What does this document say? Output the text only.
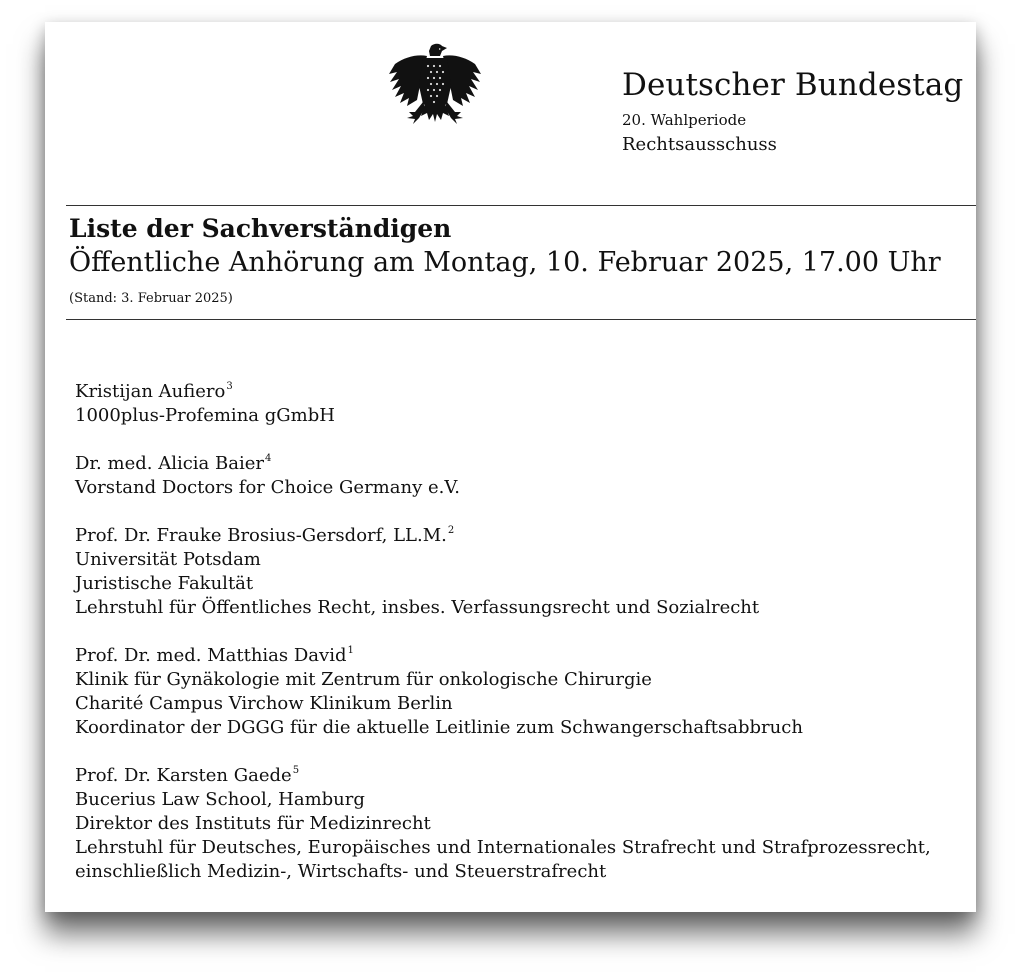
Deutscher Bundestag
20. Wahlperiode
Rechtsausschuss
Liste der Sachverständigen
Öffentliche Anhörung am Montag, 10. Februar 2025, 17.00 Uhr
(Stand: 3. Februar 2025)
Kristijan Aufiero$^3$
1000plus-Profemina gGmbH
Dr. med. Alicia Baier$^4$
Vorstand Doctors for Choice Germany e.V.
Prof. Dr. Frauke Brosius-Gersdorf, LL.M.$^2$
Universität Potsdam
Juristische Fakultät
Lehrstuhl für Öffentliches Recht, insbes. Verfassungsrecht und Sozialrecht
Prof. Dr. med. Matthias David$^1$
Klinik für Gynäkologie mit Zentrum für onkologische Chirurgie
Charité Campus Virchow Klinikum Berlin
Koordinator der DGGG für die aktuelle Leitlinie zum Schwangerschaftsabbruch
Prof. Dr. Karsten Gaede$^5$
Bucerius Law School, Hamburg
Direktor des Instituts für Medizinrecht
Lehrstuhl für Deutsches, Europäisches und Internationales Strafrecht und Strafprozessrecht,
einschließlich Medizin-, Wirtschafts- und Steuerstrafrecht
